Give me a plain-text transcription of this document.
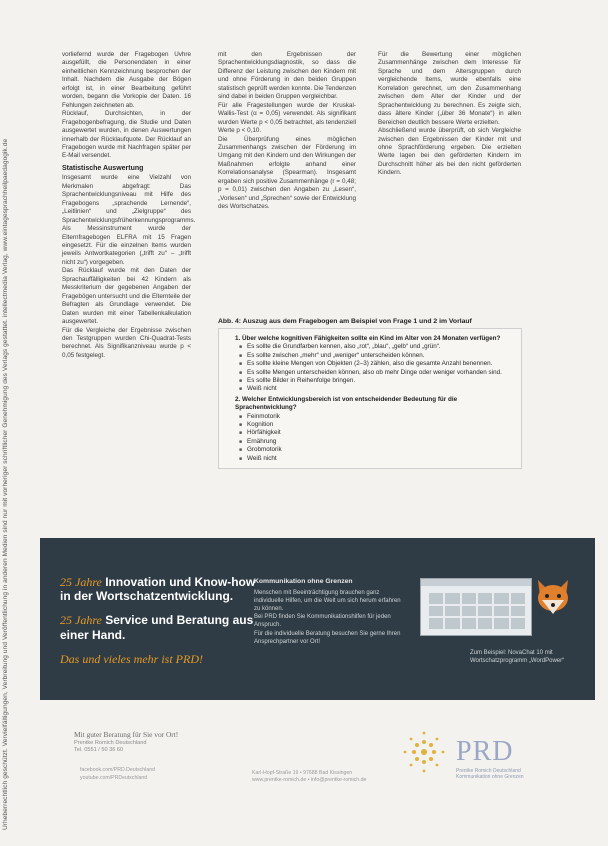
Urheberrechtlich geschützt. Vervielfältigungen, Verbreitung und Veröffentlichung in anderen Medien sind nur mit vorheriger schriftlicher Genehmigung des Verlags gestattet. intellectmedia Verlag, www.eintagesprachheilpaedagogik.de

vorliefernd wurde der Fragebogen Uvhre ausgefüllt, die Personendaten in einer einheitlichen Kennzeichnung besprochen der Inhalt. Nachdem die Ausgabe der Bögen erfolgt ist, in einer Bearbeitung geführt worden, begann die Vorkopie der Daten. 16 Fehlungen zeichneten ab.

Rücklauf, Durchsichten, in der Fragebogenbefragung, die Studie und Daten ausgewertet wurden, in denen Auswertungen innerhalb der Rücklaufquote. Der Rücklauf an Fragebogen wurde mit Nachfragen später per E-Mail versendet.

Statistische Auswertung

Insgesamt wurde eine Vielzahl von Merkmalen abgefragt: Das Sprachentwicklungsniveau mit Hilfe des Fragebogens „sprachende Lernende“, „Leitlinien“ und „Zielgruppe“ des Sprachentwicklungsfrüherkennungsprogramms. Als Messinstrument wurde der Elternfragebogen ELFRA mit 15 Fragen eingesetzt. Für die einzelnen Items wurden jeweils Antwortkategorien („trifft zu“ – „trifft nicht zu“) vorgegeben.

Das Rücklauf wurde mit den Daten der Sprachauffälligkeiten bei 42 Kindern als Messkriterium der gegebenen Angaben der Fragebögen untersucht und die Elternteile der Befragten als Grundlage verwendet. Die Daten wurden mit einer Tabellenkalkulation ausgewertet.

Für die Vergleiche der Ergebnisse zwischen den Testgruppen wurden Chi-Quadrat-Tests berechnet. Als Signifikanzniveau wurde p < 0,05 festgelegt.

mit den Ergebnissen der Sprachentwicklungsdiagnostik, so dass die Differenz der Leistung zwischen den Kindern mit und ohne Förderung in den beiden Gruppen statistisch geprüft werden konnte. Die Tendenzen sind dabei in beiden Gruppen vergleichbar.

Für alle Fragestellungen wurde der Kruskal-Wallis-Test (α = 0,05) verwendet. Als signifikant wurden Werte p < 0,05 betrachtet, als tendenziell Werte p < 0,10.

Die Überprüfung eines möglichen Zusammenhangs zwischen der Förderung im Umgang mit den Kindern und den Wirkungen der Maßnahmen erfolgte anhand einer Korrelationsanalyse (Spearman). Insgesamt ergaben sich positive Zusammenhänge (r = 0,48; p = 0,01) zwischen den Angaben zu „Lesen“, „Vorlesen“ und „Sprechen“ sowie der Entwicklung des Wortschatzes.

Für die Bewertung einer möglichen Zusammenhänge zwischen dem Interesse für Sprache und dem Altersgruppen durch vergleichende Items, wurde ebenfalls eine Korrelation gerechnet, um den Zusammenhang zwischen dem Alter der Kinder und der Sprachentwicklung zu berechnen. Es zeigte sich, dass ältere Kinder („über 36 Monate“) in allen Bereichen deutlich bessere Werte erzielten.

Abschließend wurde überprüft, ob sich Vergleiche zwischen den Ergebnissen der Kinder mit und ohne Sprachförderung ergeben. Die erzielten Werte lagen bei den geförderten Kindern im Durchschnitt höher als bei den nicht geförderten Kindern.

Abb. 4: Auszug aus dem Fragebogen am Beispiel von Frage 1 und 2 im Vorlauf
1. Über welche kognitiven Fähigkeiten sollte ein Kind im Alter von 24 Monaten verfügen?
■ Es sollte die Grundfarben kennen, also „rot“, „blau“, „gelb“ und „grün“.
■ Es sollte zwischen „mehr“ und „weniger“ unterscheiden können.
■ Es sollte kleine Mengen von Objekten (2–3) zählen, also die gesamte Anzahl benennen.
■ Es sollte Mengen unterscheiden können, also ob mehr Dinge oder weniger vorhanden sind.
■ Es sollte Bilder in Reihenfolge bringen.
■ Weiß nicht
2. Welcher Entwicklungsbereich ist von entscheidender Bedeutung für die Sprachentwicklung?
■ Feinmotorik
■ Kognition
■ Hörfähigkeit
■ Ernährung
■ Grobmotorik
■ Weiß nicht
25 Jahre Innovation und Know-how in der Wortschatzentwicklung.
25 Jahre Service und Beratung aus einer Hand.
Das und vieles mehr ist PRD!
Kommunikation ohne Grenzen

Menschen mit Beeinträchtigung brauchen ganz individuelle Hilfen, um die Welt um sich herum erfahren zu können.

Bei PRD finden Sie Kommunikationshilfen für jeden Anspruch.

Für die individuelle Beratung besuchen Sie gerne Ihren Ansprechpartner vor Ort!

Zum Beispiel: NovaChat 10 mit Wortschatzprogramm „WordPower“
Mit guter Beratung für Sie vor Ort!
Prentke Romich Deutschland
Tel. 0551 / 50 36 60
facebook.com/PRD.Deutschland
youtube.com/PRDeutschland
Karl-Hopf-Straße 19 • 97688 Bad Kissingen
www.prentke-romich.de • info@prentke-romich.de
PRD
Prentke Romich Deutschland
Kommunikation ohne Grenzen
